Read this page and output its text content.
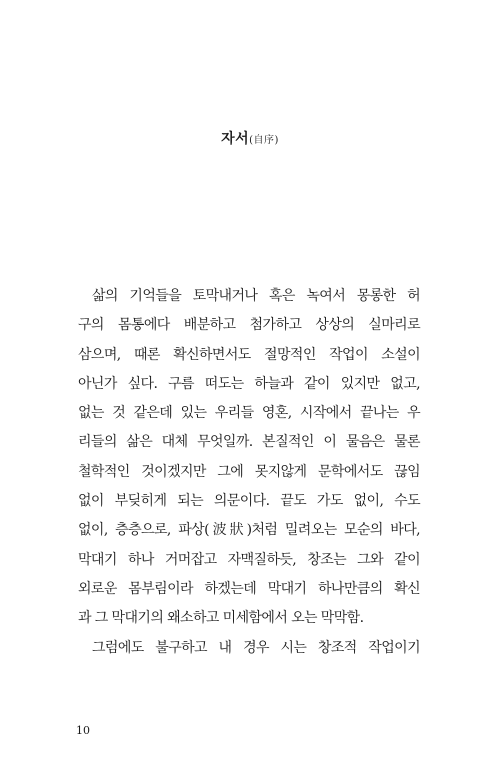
자서(自序)
삶의 기억들을 토막내거나 혹은 녹여서 몽롱한 허
구의 몸통에다 배분하고 첨가하고 상상의 실마리로
삼으며, 때론 확신하면서도 절망적인 작업이 소설이
아닌가 싶다. 구름 떠도는 하늘과 같이 있지만 없고,
없는 것 같은데 있는 우리들 영혼, 시작에서 끝나는 우
리들의 삶은 대체 무엇일까. 본질적인 이 물음은 물론
철학적인 것이겠지만 그에 못지않게 문학에서도 끊임
없이 부딪히게 되는 의문이다. 끝도 가도 없이, 수도
없이, 층층으로, 파상(波狀)처럼 밀려오는 모순의 바다,
막대기 하나 거머잡고 자맥질하듯, 창조는 그와 같이
외로운 몸부림이라 하겠는데 막대기 하나만큼의 확신
과 그 막대기의 왜소하고 미세함에서 오는 막막함.
그럼에도 불구하고 내 경우 시는 창조적 작업이기
10
